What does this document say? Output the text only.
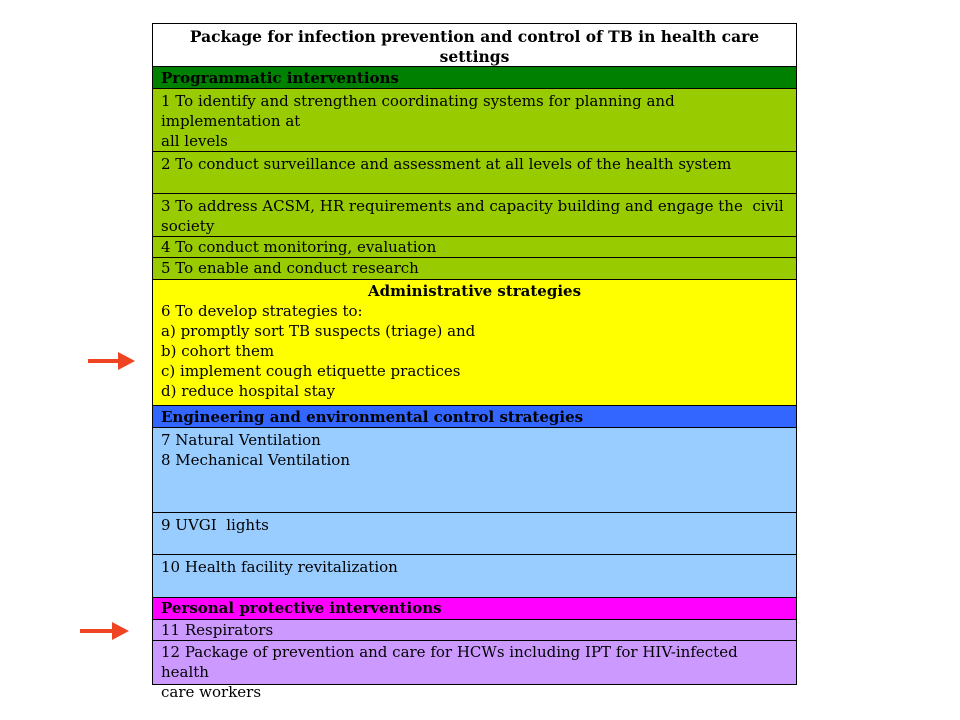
Package for infection prevention and control of TB in health care settings
Programmatic interventions
1 To identify and strengthen coordinating systems for planning and implementation at
all levels
2 To conduct surveillance and assessment at all levels of the health system
3 To address ACSM, HR requirements and capacity building and engage the  civil
society
4 To conduct monitoring, evaluation
5 To enable and conduct research
Administrative strategies
6 To develop strategies to:
a) promptly sort TB suspects (triage) and
b) cohort them
c) implement cough etiquette practices
d) reduce hospital stay
Engineering and environmental control strategies
7 Natural Ventilation
8 Mechanical Ventilation
9 UVGI  lights
10 Health facility revitalization
Personal protective interventions
11 Respirators
12 Package of prevention and care for HCWs including IPT for HIV-infected health
care workers
